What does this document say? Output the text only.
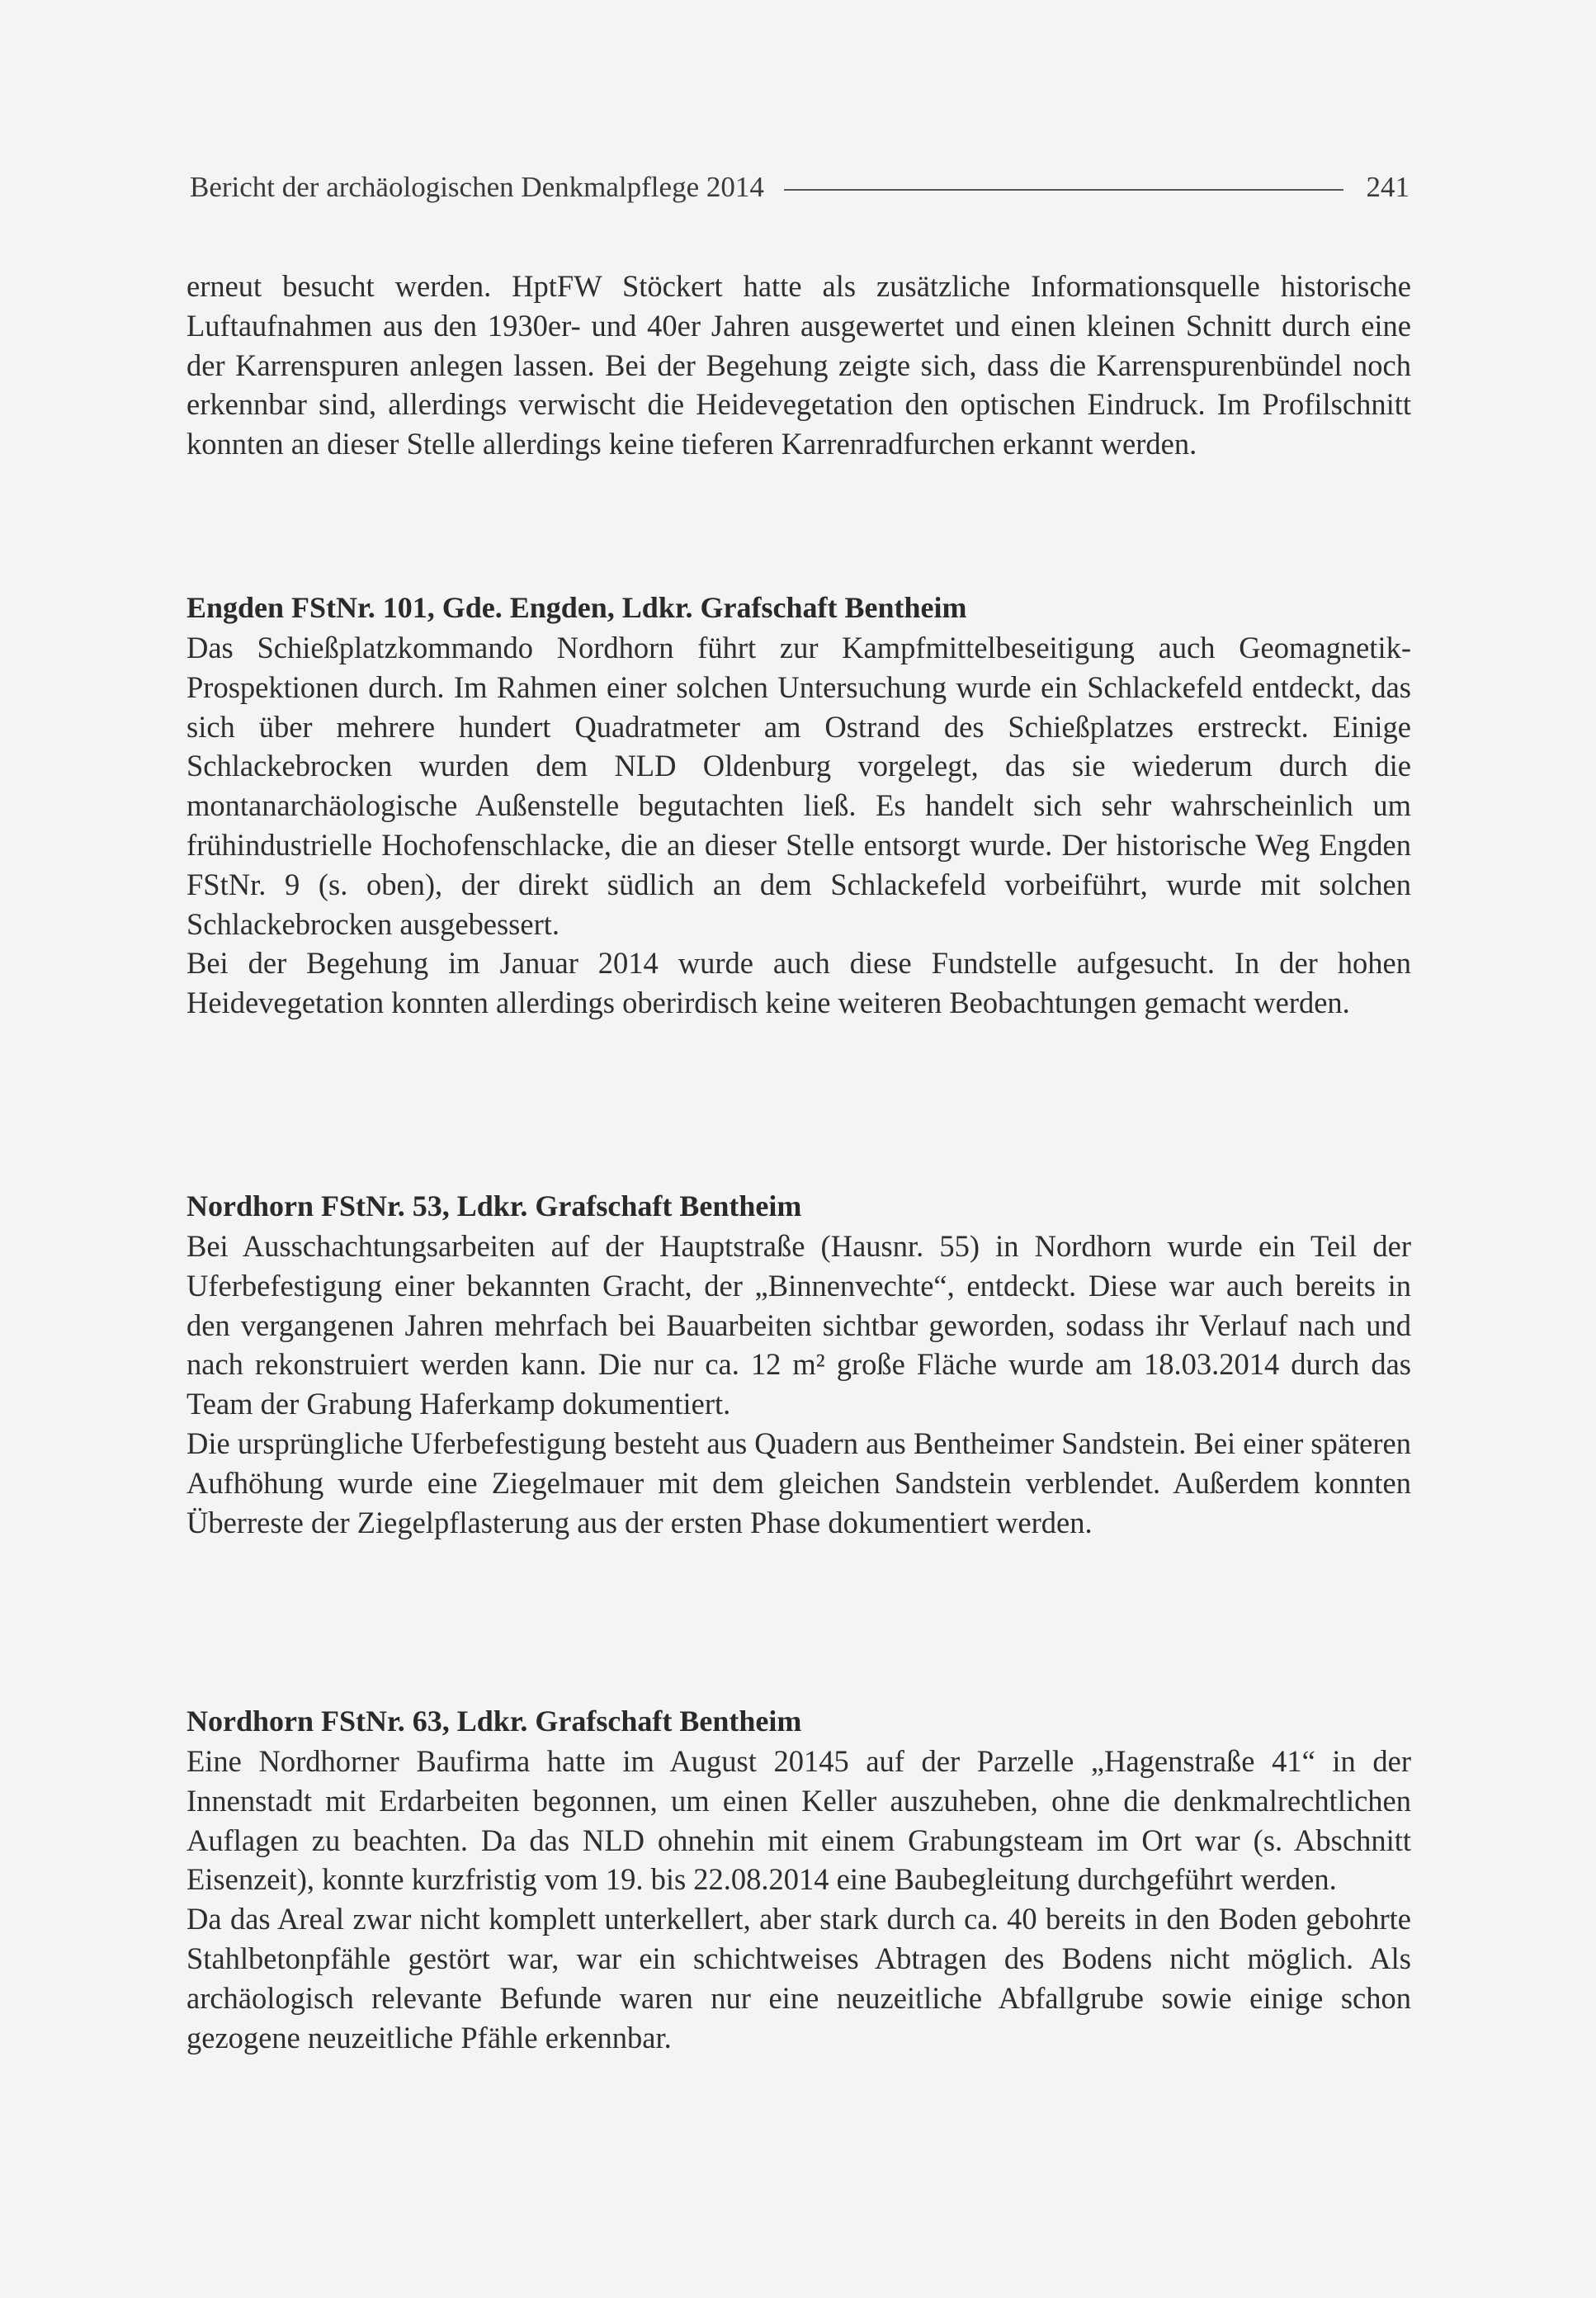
Bericht der archäologischen Denkmalpflege 2014	241

erneut besucht werden. HptFW Stöckert hatte als zusätzliche Informationsquelle historische Luftaufnahmen aus den 1930er- und 40er Jahren ausgewertet und einen kleinen Schnitt durch eine der Karrenspuren anlegen lassen. Bei der Begehung zeigte sich, dass die Karrenspurenbündel noch erkennbar sind, allerdings verwischt die Heidevegetation den optischen Eindruck. Im Profilschnitt konnten an dieser Stelle allerdings keine tieferen Karrenradfurchen erkannt werden.

Engden FStNr. 101, Gde. Engden, Ldkr. Grafschaft Bentheim

Das Schießplatzkommando Nordhorn führt zur Kampfmittelbeseitigung auch Geomagnetik-Prospektionen durch. Im Rahmen einer solchen Untersuchung wurde ein Schlackefeld entdeckt, das sich über mehrere hundert Quadratmeter am Ostrand des Schießplatzes erstreckt. Einige Schlackebrocken wurden dem NLD Oldenburg vorgelegt, das sie wiederum durch die montanarchäologische Außenstelle begutachten ließ. Es handelt sich sehr wahrscheinlich um frühindustrielle Hochofenschlacke, die an dieser Stelle entsorgt wurde. Der historische Weg Engden FStNr. 9 (s. oben), der direkt südlich an dem Schlackefeld vorbeiführt, wurde mit solchen Schlackebrocken ausgebessert.

Bei der Begehung im Januar 2014 wurde auch diese Fundstelle aufgesucht. In der hohen Heidevegetation konnten allerdings oberirdisch keine weiteren Beobachtungen gemacht werden.

Nordhorn FStNr. 53, Ldkr. Grafschaft Bentheim

Bei Ausschachtungsarbeiten auf der Hauptstraße (Hausnr. 55) in Nordhorn wurde ein Teil der Uferbefestigung einer bekannten Gracht, der „Binnenvechte“, entdeckt. Diese war auch bereits in den vergangenen Jahren mehrfach bei Bauarbeiten sichtbar geworden, sodass ihr Verlauf nach und nach rekonstruiert werden kann. Die nur ca. 12 m² große Fläche wurde am 18.03.2014 durch das Team der Grabung Haferkamp dokumentiert.

Die ursprüngliche Uferbefestigung besteht aus Quadern aus Bentheimer Sandstein. Bei einer späteren Aufhöhung wurde eine Ziegelmauer mit dem gleichen Sandstein verblendet. Außerdem konnten Überreste der Ziegelpflasterung aus der ersten Phase dokumentiert werden.

Nordhorn FStNr. 63, Ldkr. Grafschaft Bentheim

Eine Nordhorner Baufirma hatte im August 20145 auf der Parzelle „Hagenstraße 41“ in der Innenstadt mit Erdarbeiten begonnen, um einen Keller auszuheben, ohne die denkmalrechtlichen Auflagen zu beachten. Da das NLD ohnehin mit einem Grabungsteam im Ort war (s. Abschnitt Eisenzeit), konnte kurzfristig vom 19. bis 22.08.2014 eine Baubegleitung durchgeführt werden.

Da das Areal zwar nicht komplett unterkellert, aber stark durch ca. 40 bereits in den Boden gebohrte Stahlbetonpfähle gestört war, war ein schichtweises Abtragen des Bodens nicht möglich. Als archäologisch relevante Befunde waren nur eine neuzeitliche Abfallgrube sowie einige schon gezogene neuzeitliche Pfähle erkennbar.
